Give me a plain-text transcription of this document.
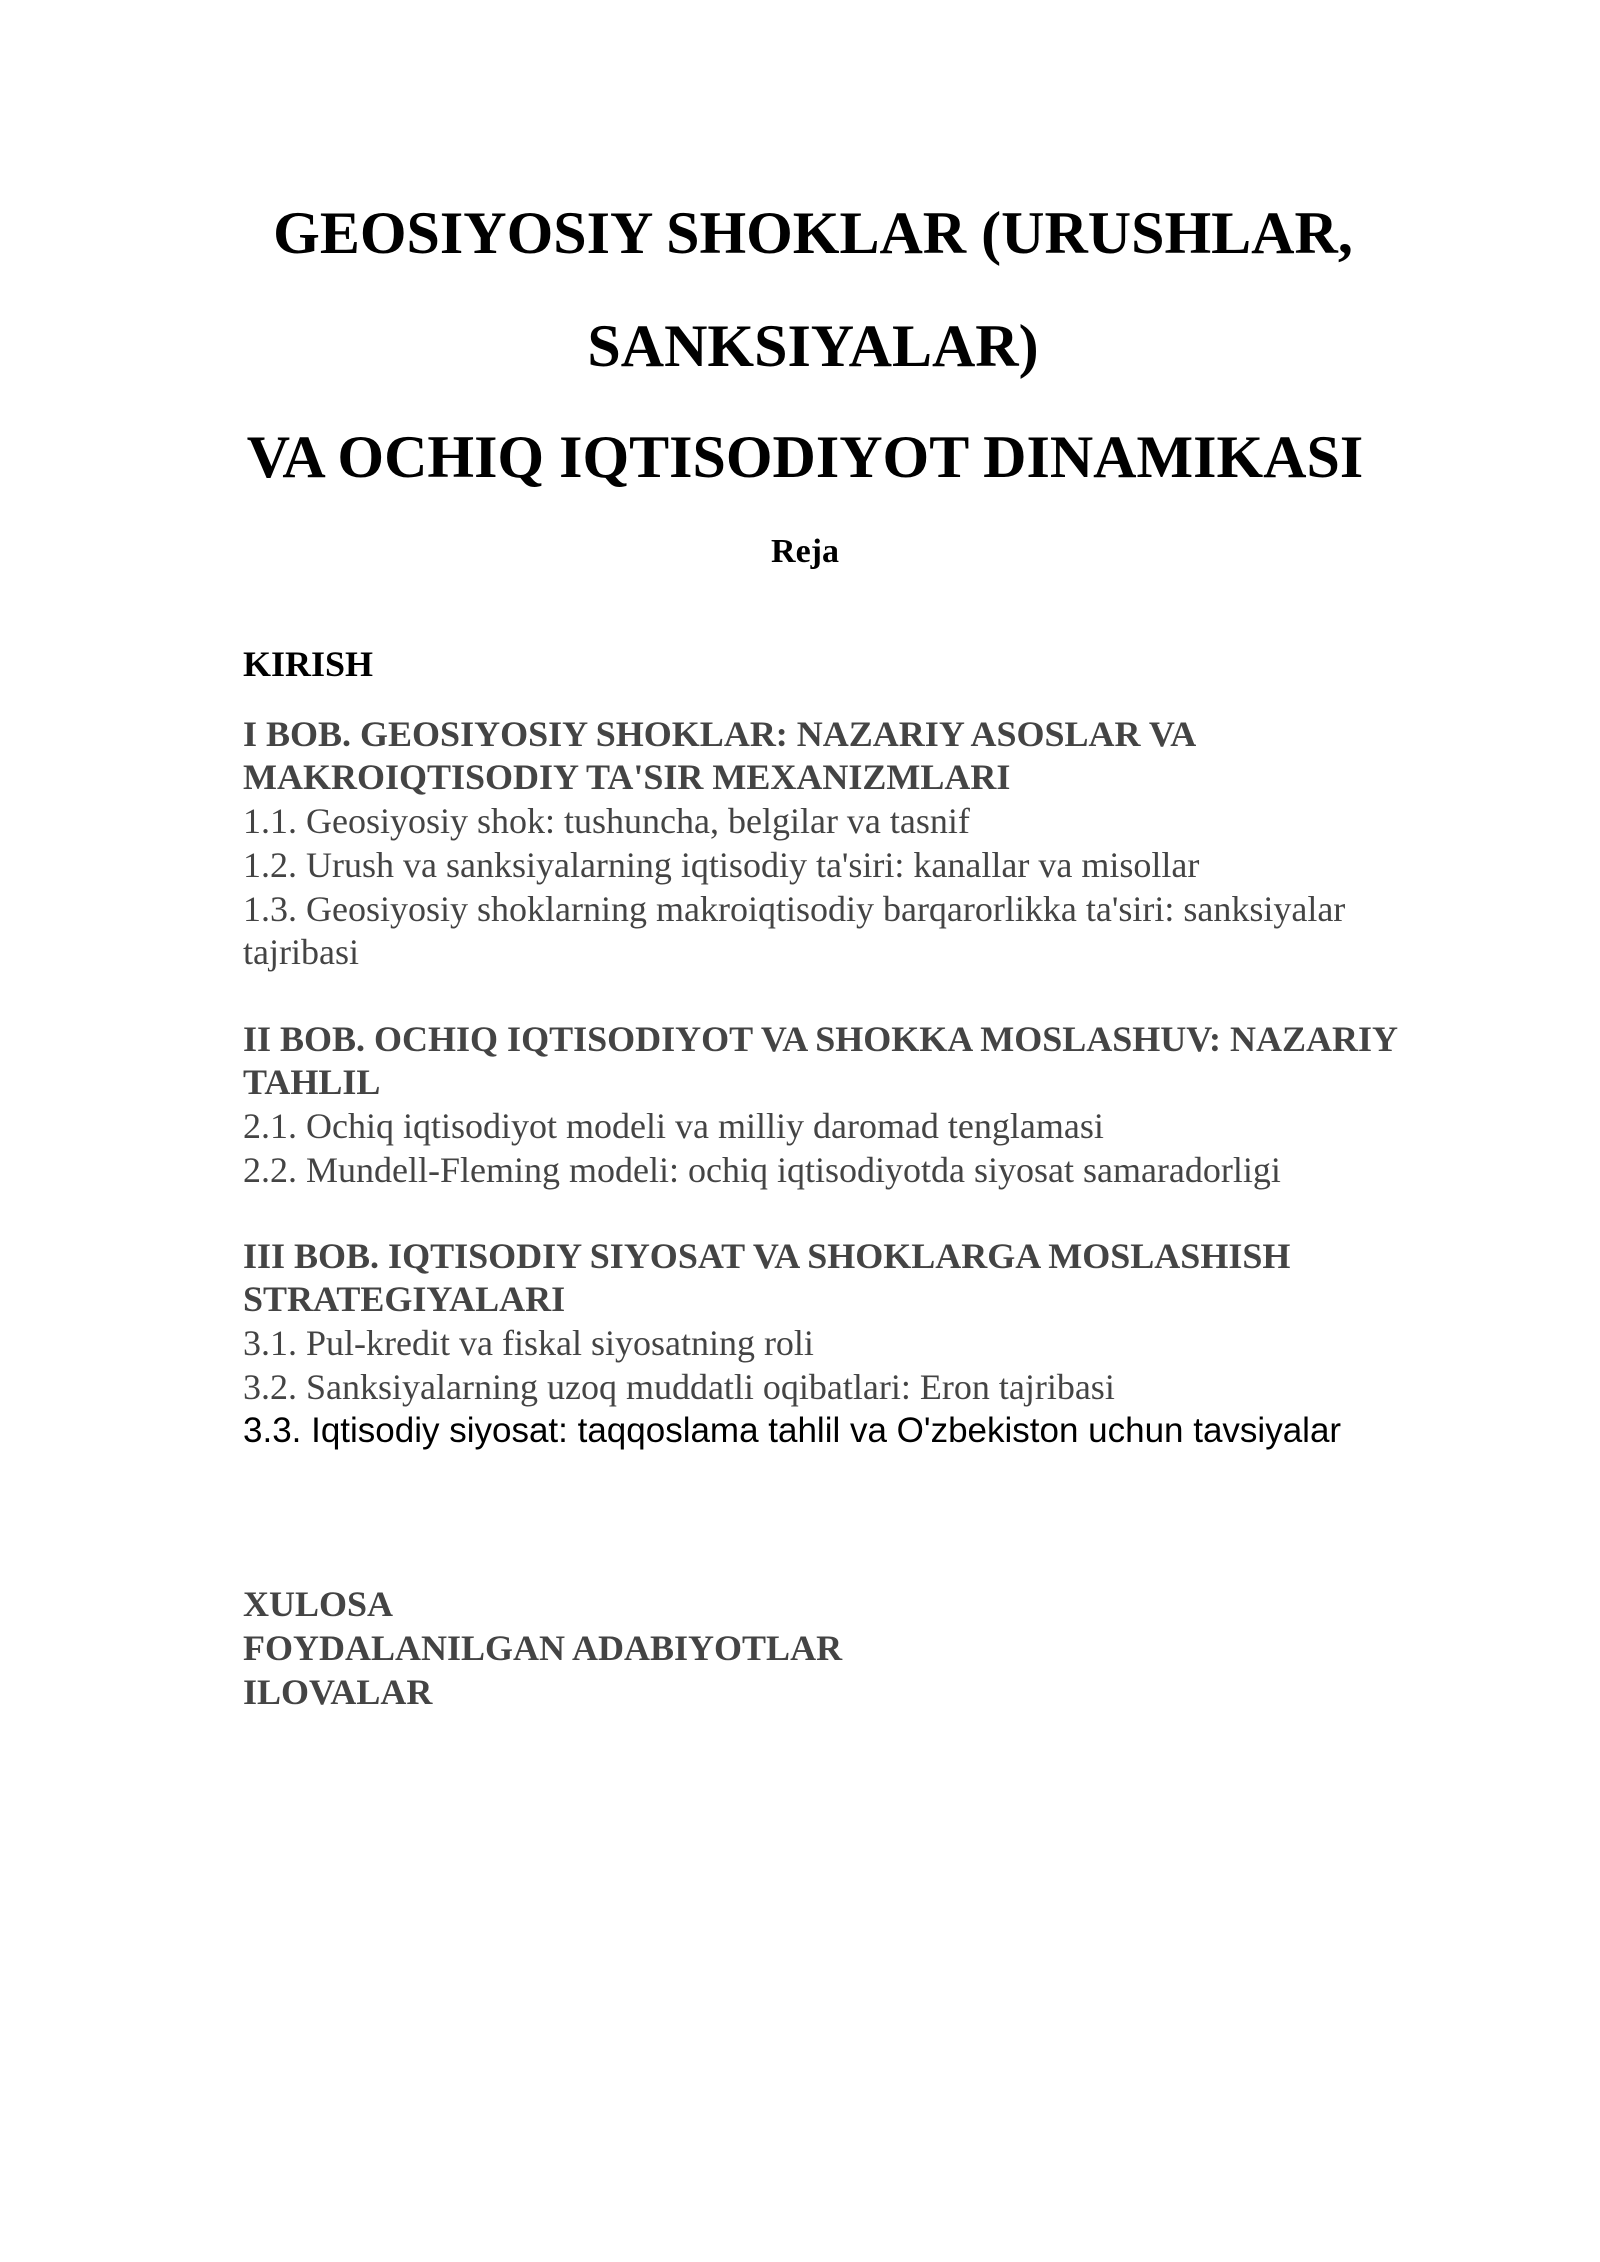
GEOSIYOSIY SHOKLAR (URUSHLAR,
SANKSIYALAR)
VA OCHIQ IQTISODIYOT DINAMIKASI
Reja
KIRISH
I BOB. GEOSIYOSIY SHOKLAR: NAZARIY ASOSLAR VA
MAKROIQTISODIY TA'SIR MEXANIZMLARI
1.1. Geosiyosiy shok: tushuncha, belgilar va tasnif
1.2. Urush va sanksiyalarning iqtisodiy ta'siri: kanallar va misollar
1.3. Geosiyosiy shoklarning makroiqtisodiy barqarorlikka ta'siri: sanksiyalar
tajribasi
II BOB. OCHIQ IQTISODIYOT VA SHOKKA MOSLASHUV: NAZARIY
TAHLIL
2.1. Ochiq iqtisodiyot modeli va milliy daromad tenglamasi
2.2. Mundell-Fleming modeli: ochiq iqtisodiyotda siyosat samaradorligi
III BOB. IQTISODIY SIYOSAT VA SHOKLARGA MOSLASHISH
STRATEGIYALARI
3.1. Pul-kredit va fiskal siyosatning roli
3.2. Sanksiyalarning uzoq muddatli oqibatlari: Eron tajribasi
3.3. Iqtisodiy siyosat: taqqoslama tahlil va O'zbekiston uchun tavsiyalar
XULOSA
FOYDALANILGAN ADABIYOTLAR
ILOVALAR
